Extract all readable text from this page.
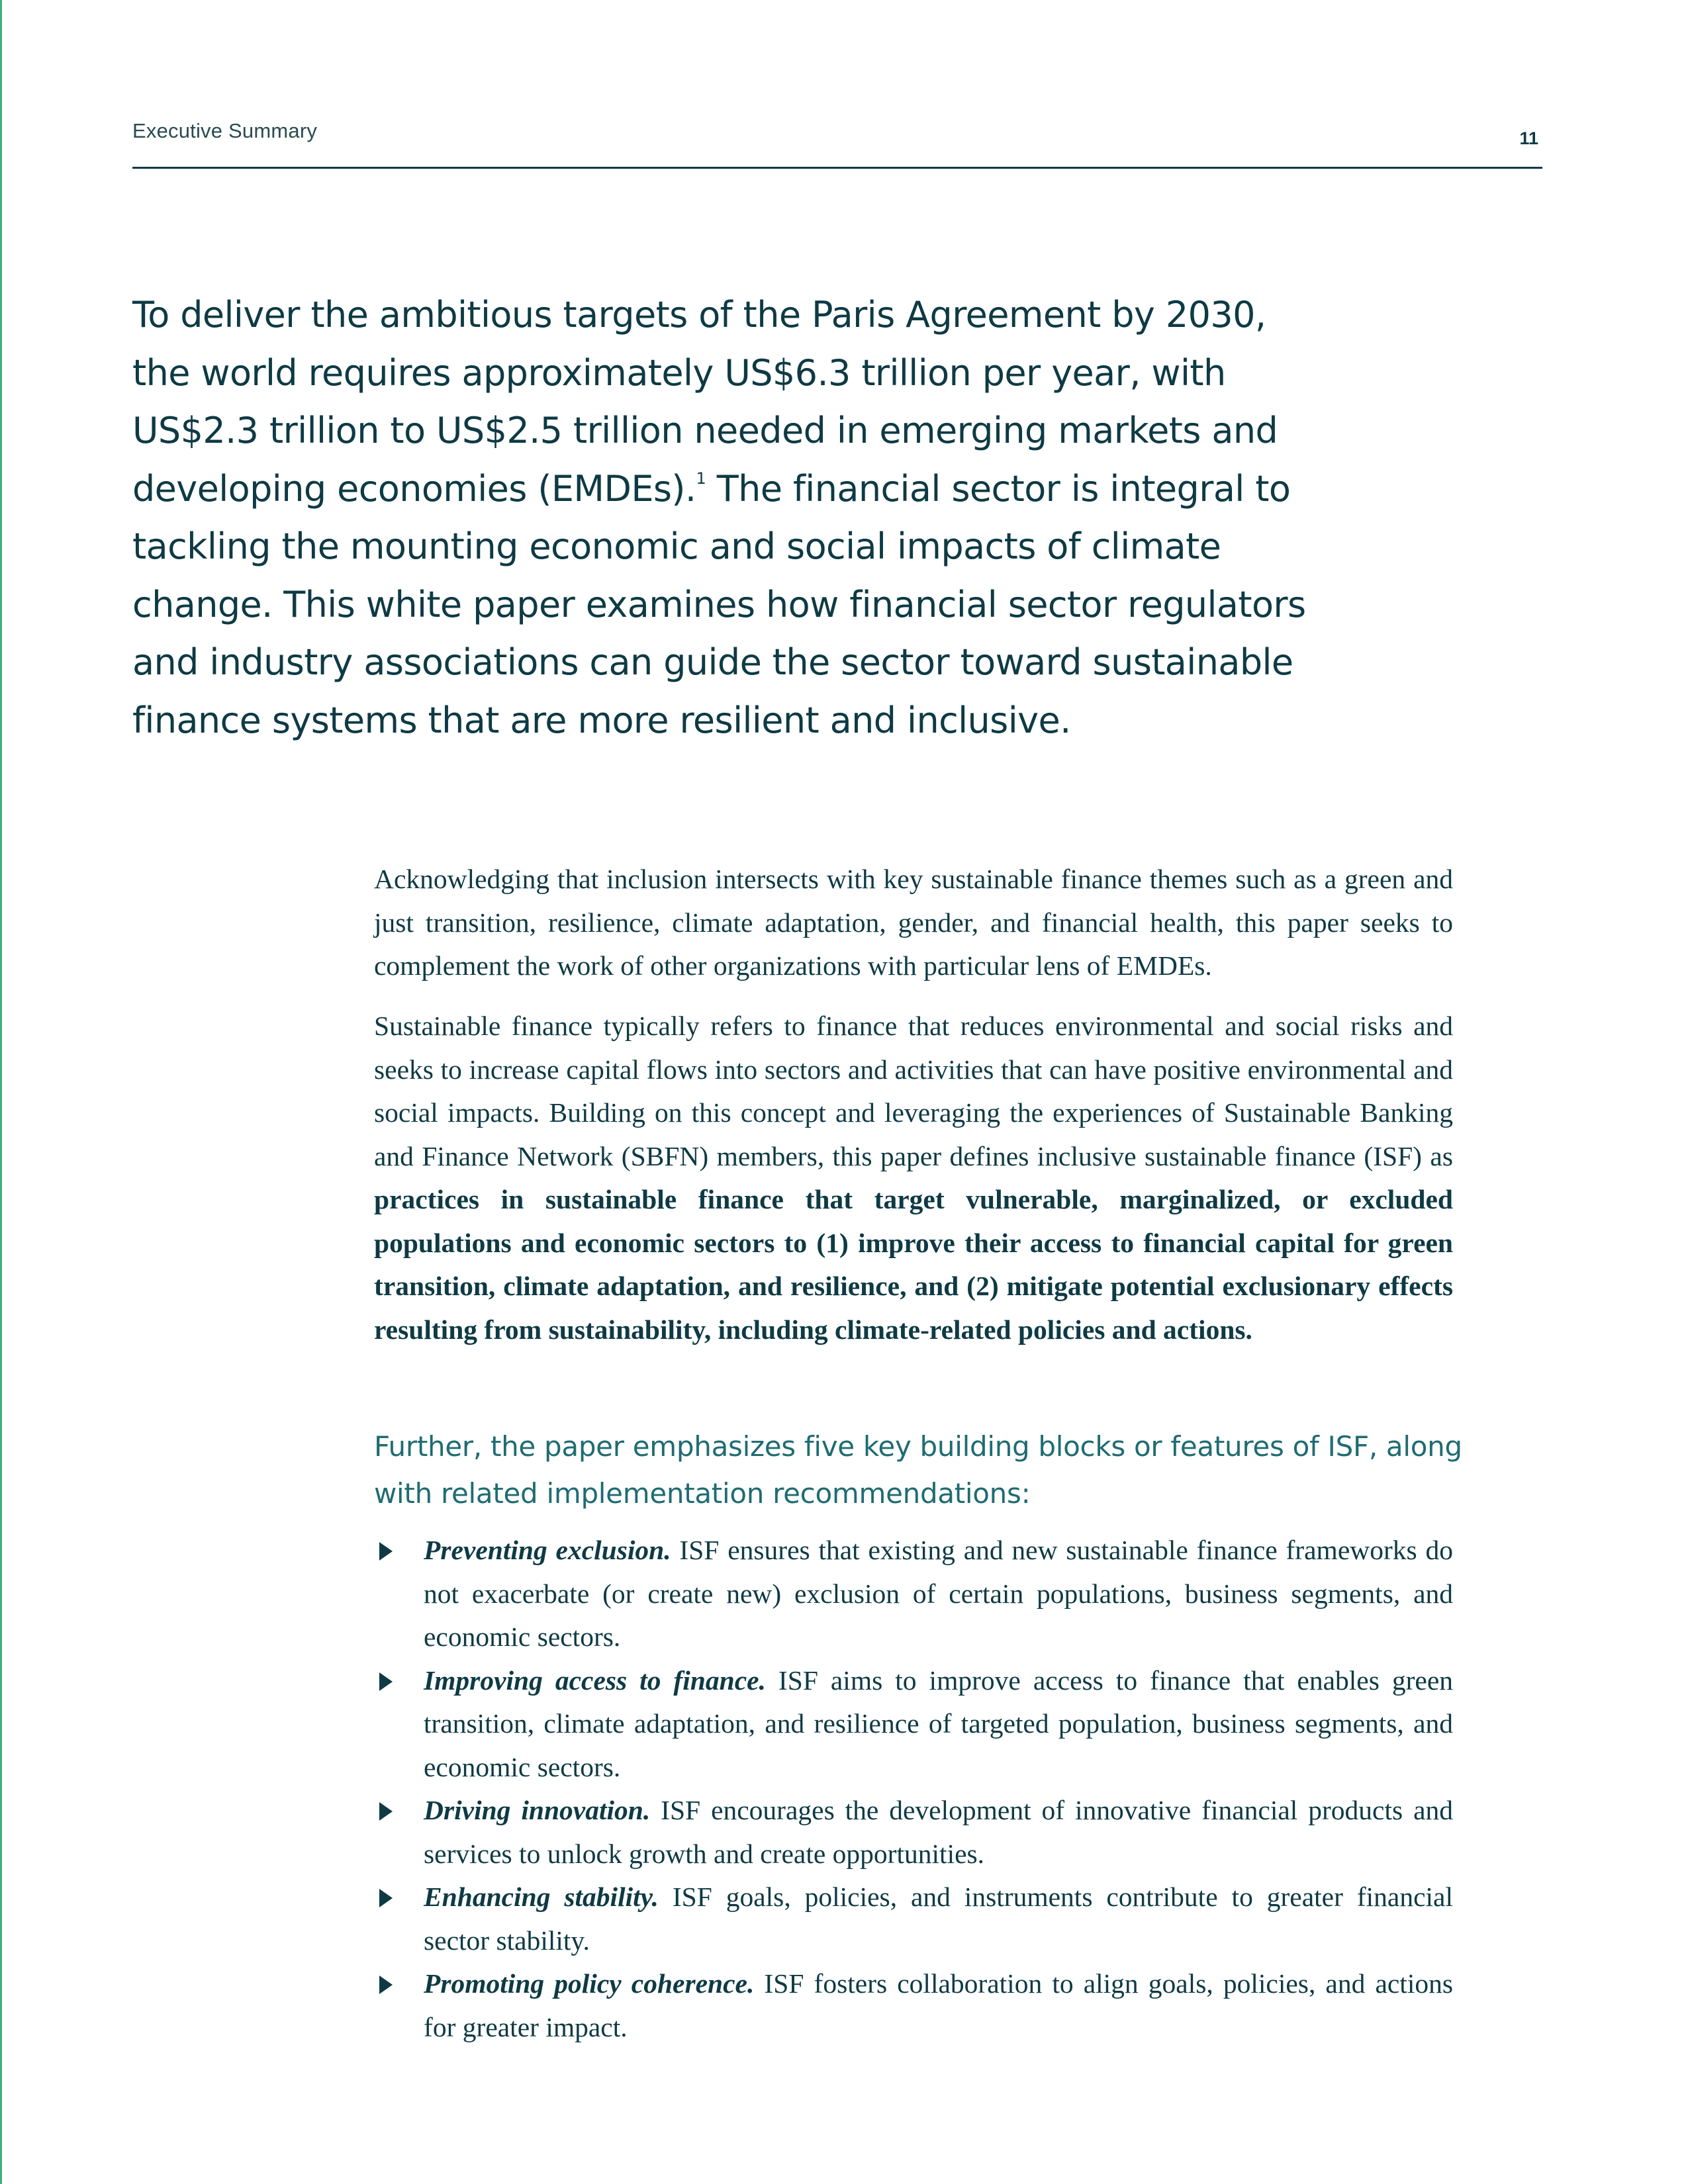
Executive Summary	11
To deliver the ambitious targets of the Paris Agreement by 2030, the world requires approximately US$6.3 trillion per year, with US$2.3 trillion to US$2.5 trillion needed in emerging markets and developing economies (EMDEs).$^1$ The financial sector is integral to tackling the mounting economic and social impacts of climate change. This white paper examines how financial sector regulators and industry associations can guide the sector toward sustainable finance systems that are more resilient and inclusive.

Acknowledging that inclusion intersects with key sustainable finance themes such as a green and just transition, resilience, climate adaptation, gender, and financial health, this paper seeks to complement the work of other organizations with particular lens of EMDEs.

Sustainable finance typically refers to finance that reduces environmental and social risks and seeks to increase capital flows into sectors and activities that can have positive environmental and social impacts. Building on this concept and leveraging the experiences of Sustainable Banking and Finance Network (SBFN) members, this paper defines inclusive sustainable finance (ISF) as practices in sustainable finance that target vulnerable, marginalized, or excluded populations and economic sectors to (1) improve their access to financial capital for green transition, climate adaptation, and resilience, and (2) mitigate potential exclusionary effects resulting from sustainability, including climate-related policies and actions.

Further, the paper emphasizes five key building blocks or features of ISF, along with related implementation recommendations:
Preventing exclusion. ISF ensures that existing and new sustainable finance frameworks do not exacerbate (or create new) exclusion of certain populations, business segments, and economic sectors.
Improving access to finance. ISF aims to improve access to finance that enables green transition, climate adaptation, and resilience of targeted population, business segments, and economic sectors.
Driving innovation. ISF encourages the development of innovative financial products and services to unlock growth and create opportunities.
Enhancing stability. ISF goals, policies, and instruments contribute to greater financial sector stability.
Promoting policy coherence. ISF fosters collaboration to align goals, policies, and actions for greater impact.
